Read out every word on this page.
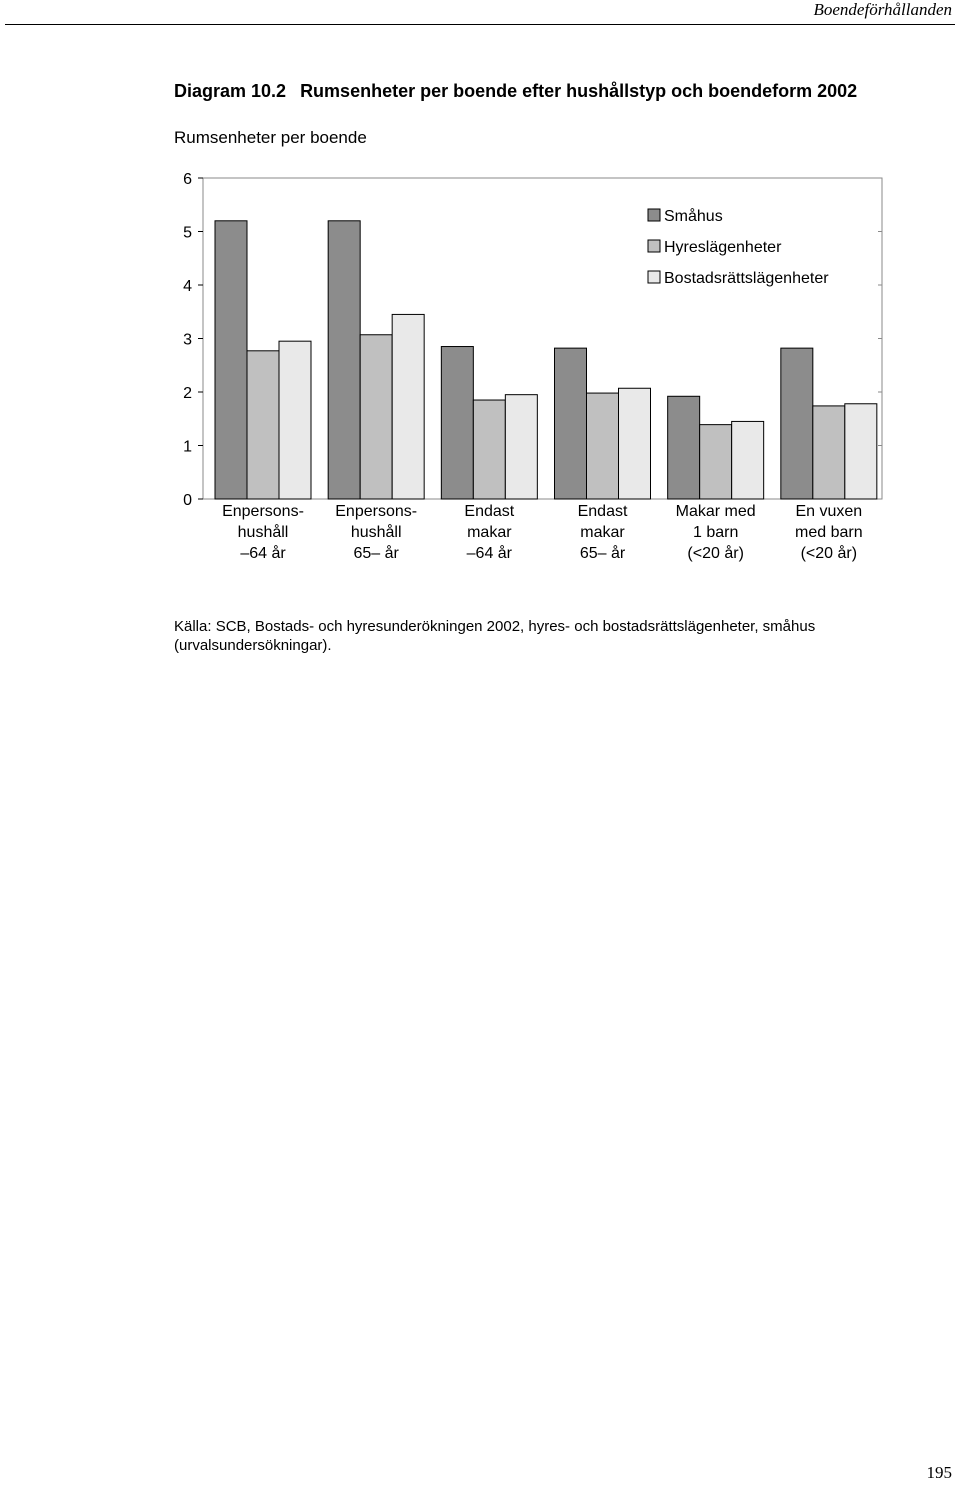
Boendeförhållanden
Diagram 10.2 Rumsenheter per boende efter hushållstyp och boendeform 2002
Rumsenheter per boende
0
1
2
3
4
5
6
Enpersons-
hushåll
–64 år
Enpersons-
hushåll
65– år
Endast
makar
–64 år
Endast
makar
65– år
Makar med
1 barn
(<20 år)
En vuxen
med barn
(<20 år)
Småhus
Hyreslägenheter
Bostadsrättslägenheter
Källa: SCB, Bostads- och hyresunderökningen 2002, hyres- och bostadsrättslägenheter, småhus (urvalsundersökningar).
195
